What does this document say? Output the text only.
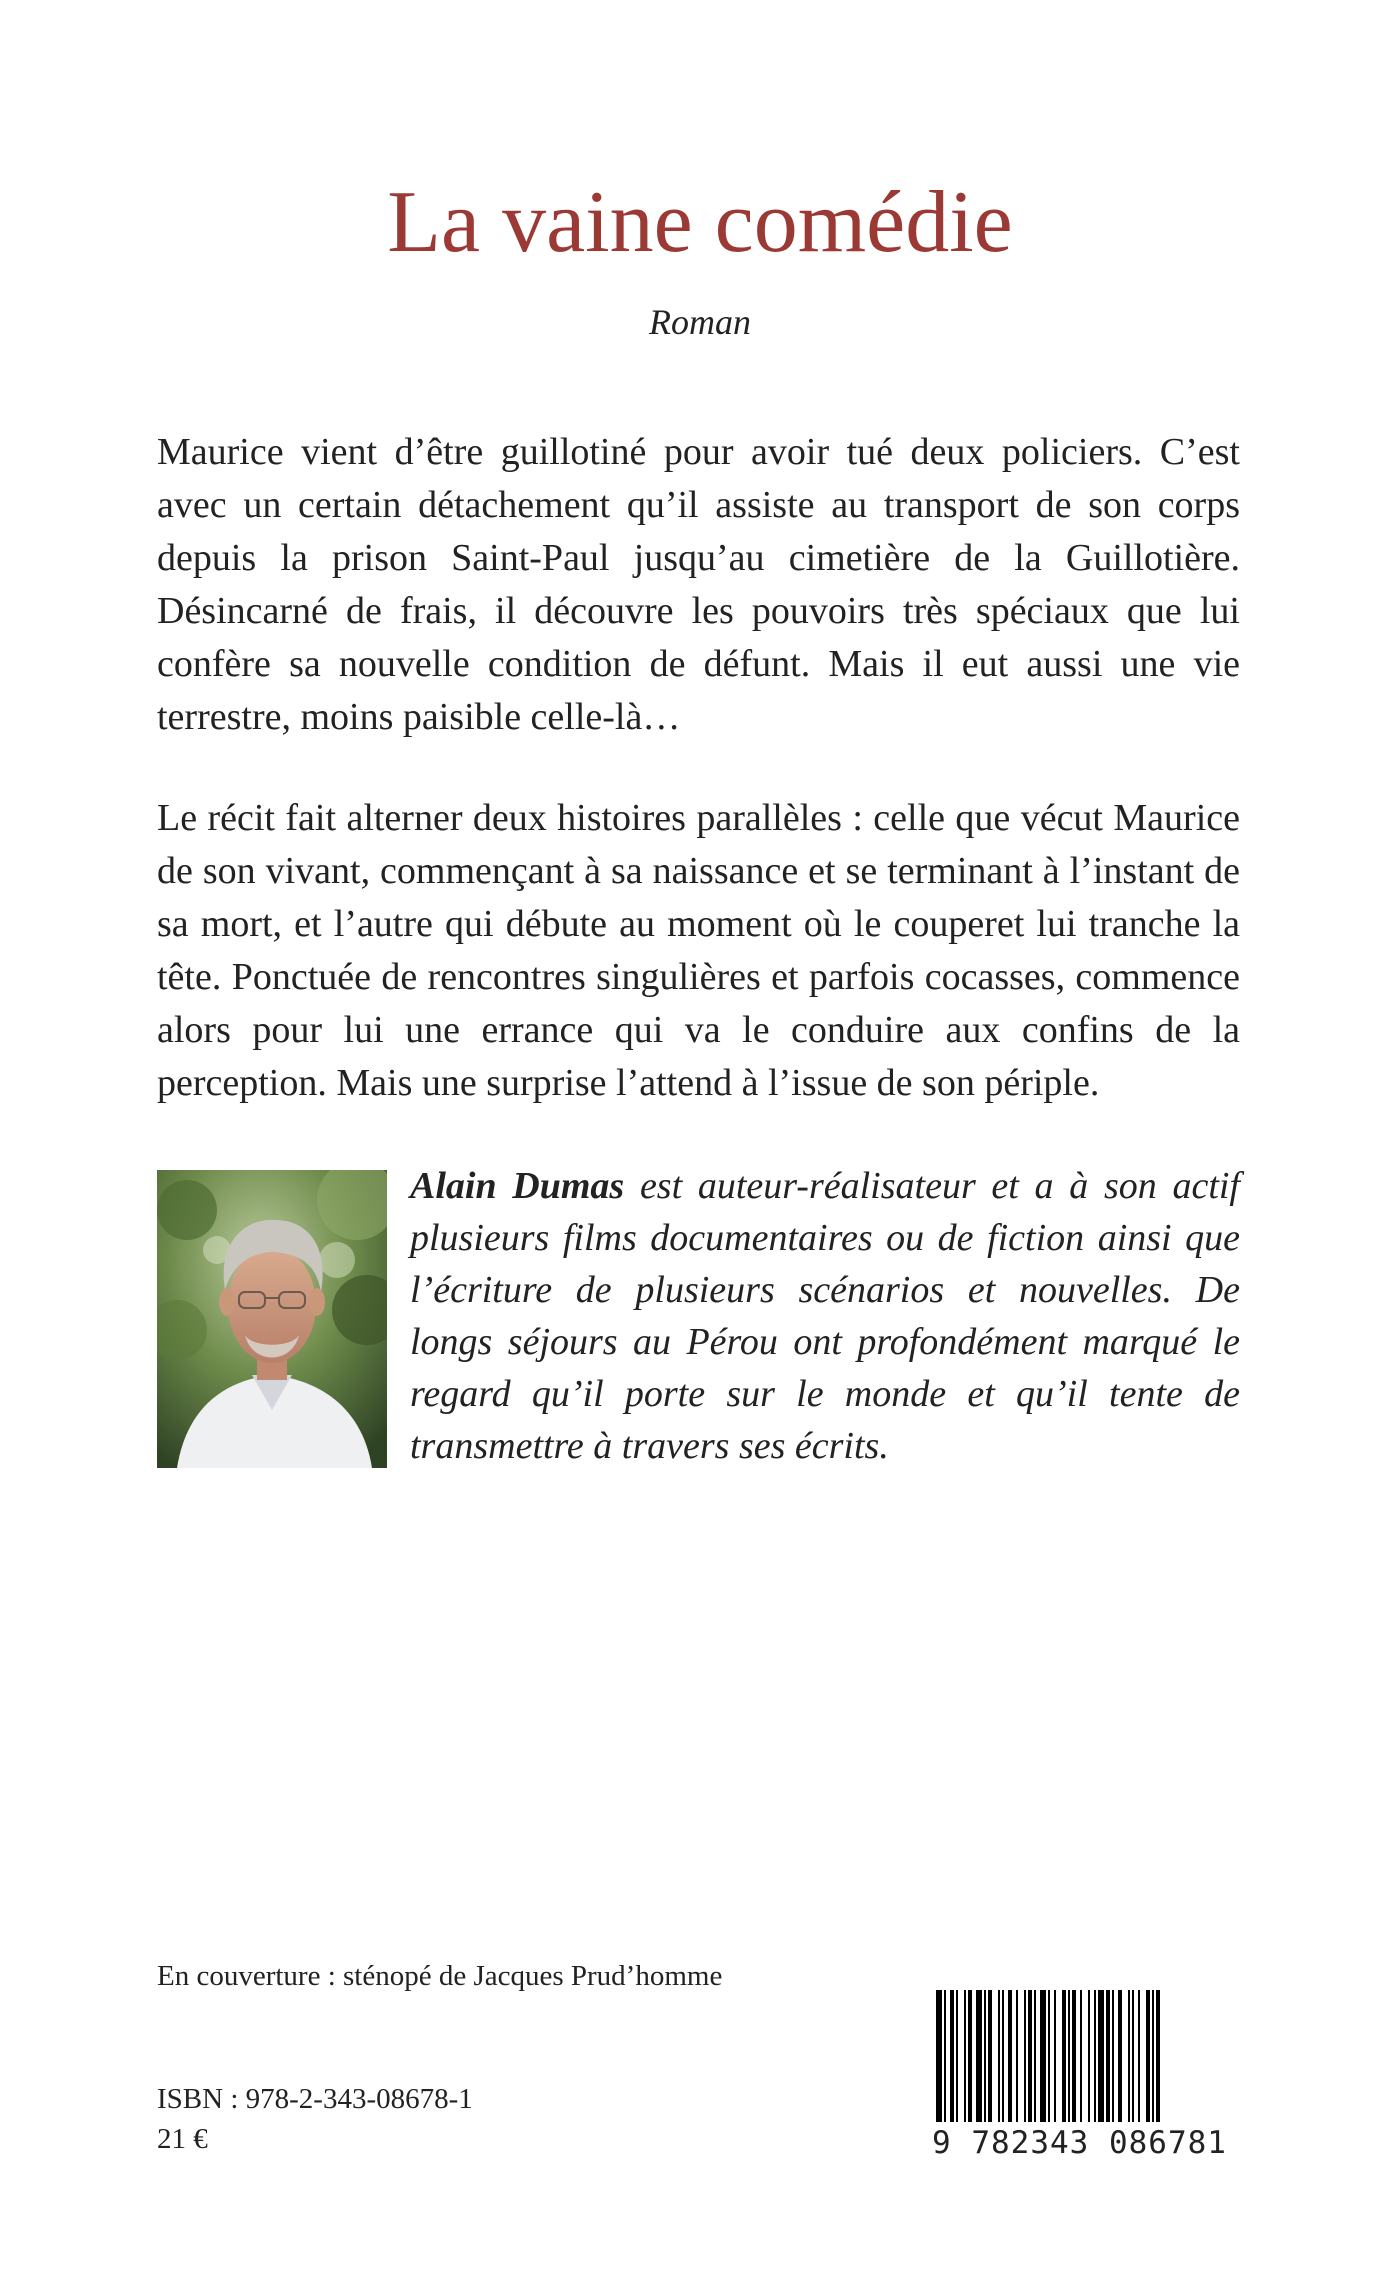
La vaine comédie

Roman

Maurice vient d’être guillotiné pour avoir tué deux policiers. C’est avec un certain détachement qu’il assiste au transport de son corps depuis la prison Saint-Paul jusqu’au cimetière de la Guillotière. Désincarné de frais, il découvre les pouvoirs très spéciaux que lui confère sa nouvelle condition de défunt. Mais il eut aussi une vie terrestre, moins paisible celle-là…

Le récit fait alterner deux histoires parallèles : celle que vécut Maurice de son vivant, commençant à sa naissance et se terminant à l’instant de sa mort, et l’autre qui débute au moment où le couperet lui tranche la tête. Ponctuée de rencontres singulières et parfois cocasses, commence alors pour lui une errance qui va le conduire aux confins de la perception. Mais une surprise l’attend à l’issue de son périple.

Alain Dumas est auteur-réalisateur et a à son actif plusieurs films documentaires ou de fiction ainsi que l’écriture de plusieurs scénarios et nouvelles. De longs séjours au Pérou ont profondément marqué le regard qu’il porte sur le monde et qu’il tente de transmettre à travers ses écrits.

En couverture : sténopé de Jacques Prud’homme

ISBN : 978-2-343-08678-1

21 €	9 782343 086781
